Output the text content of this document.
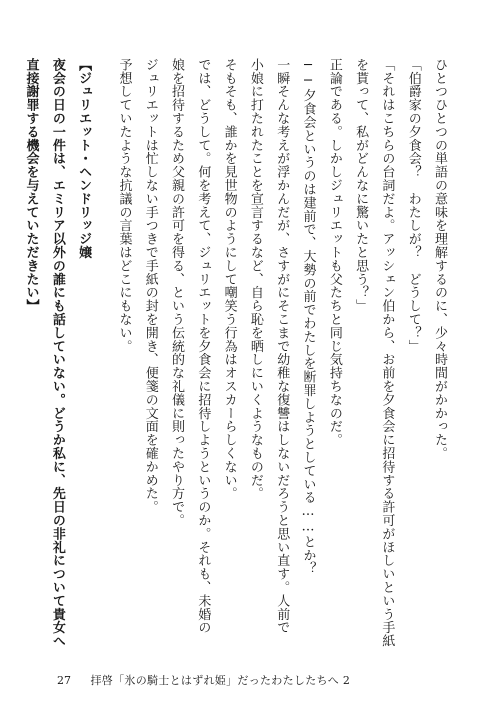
ひとつひとつの単語の意味を理解するのに、少々時間がかかった。
「伯爵家の夕食会？　わたしが？　どうして？」
「それはこちらの台詞だよ。アッシェン伯から、お前を夕食会に招待する許可がほしいという手紙
を貰って、私がどんなに驚いたと思う？」
正論である。しかしジュリエットも父たちと同じ気持ちなのだ。
──夕食会というのは建前で、大勢の前でわたしを断罪しようとしている……とか？
一瞬そんな考えが浮かんだが、さすがにそこまで幼稚な復讐はしないだろうと思い直す。人前で
小娘に打たれたことを宣言するなど、自ら恥を晒しにいくようなものだ。
そもそも、誰かを見世物のようにして嘲笑う行為はオスカーらしくない。
では、どうして。何を考えて、ジュリエットを夕食会に招待しようというのか。それも、未婚の
娘を招待するため父親の許可を得る、という伝統的な礼儀に則ったやり方で。
ジュリエットは忙しない手つきで手紙の封を開き、便箋の文面を確かめた。
予想していたような抗議の言葉はどこにもない。
【ジュリエット・ヘンドリッジ嬢
夜会の日の一件は、エミリア以外の誰にも話していない。どうか私に、先日の非礼について貴女へ
直接謝罪する機会を与えていただきたい】
27 拝啓「氷の騎士とはずれ姫」だったわたしたちへ 2
